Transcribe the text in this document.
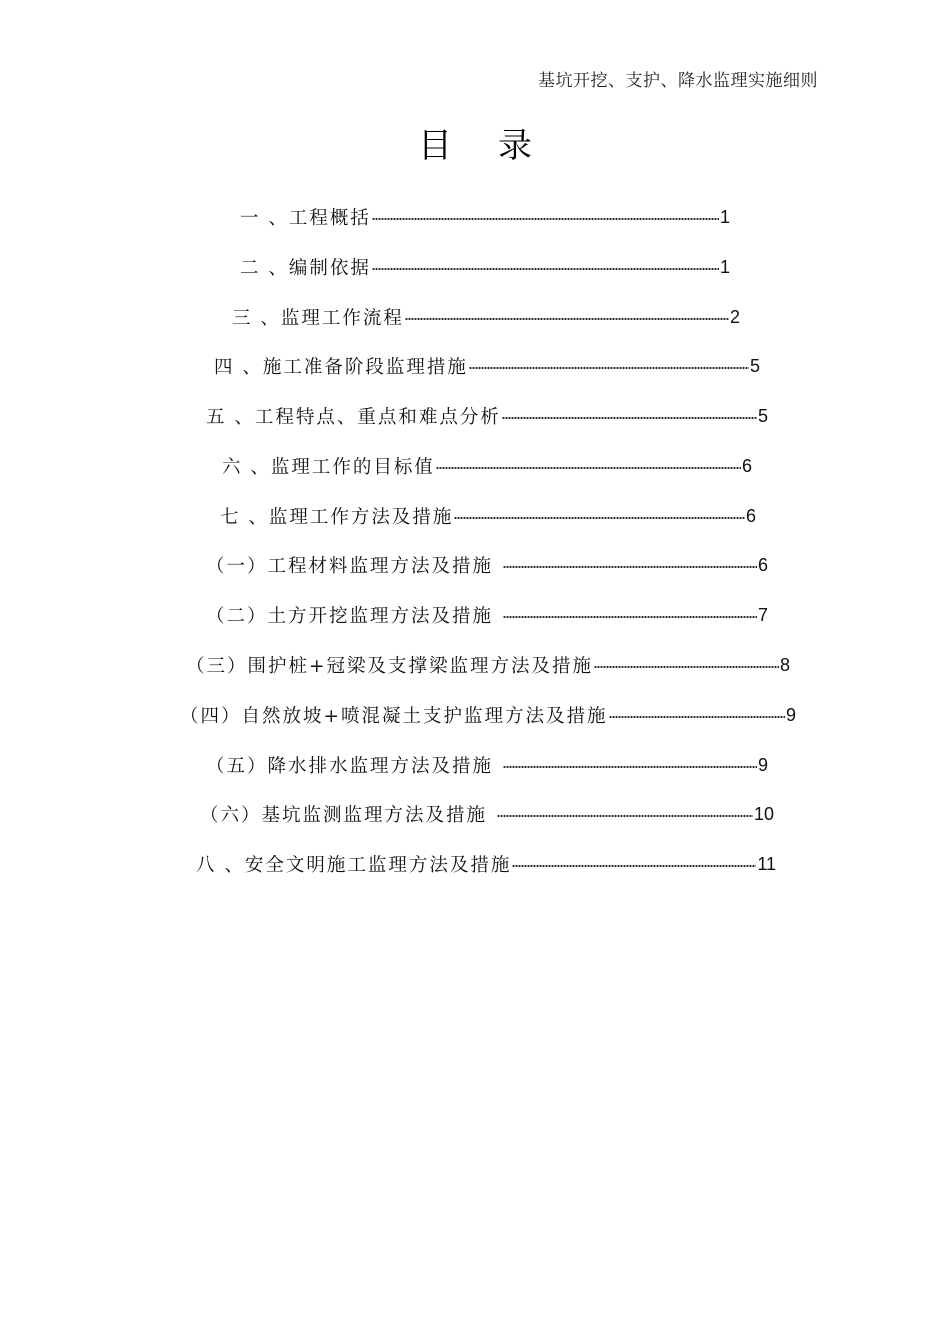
基坑开挖、支护、降水监理实施细则
目录
一 、工程概括	1
二 、编制依据	1
三 、监理工作流程	2
四 、施工准备阶段监理措施	5
五 、工程特点、重点和难点分析	5
六 、监理工作的目标值	6
七 、监理工作方法及措施	6
（一）工程材料监理方法及措施	6
（二）土方开挖监理方法及措施	7
（三）围护桩+冠梁及支撑梁监理方法及措施	8
（四）自然放坡+喷混凝土支护监理方法及措施	9
（五）降水排水监理方法及措施	9
（六）基坑监测监理方法及措施	10
八 、安全文明施工监理方法及措施	11
